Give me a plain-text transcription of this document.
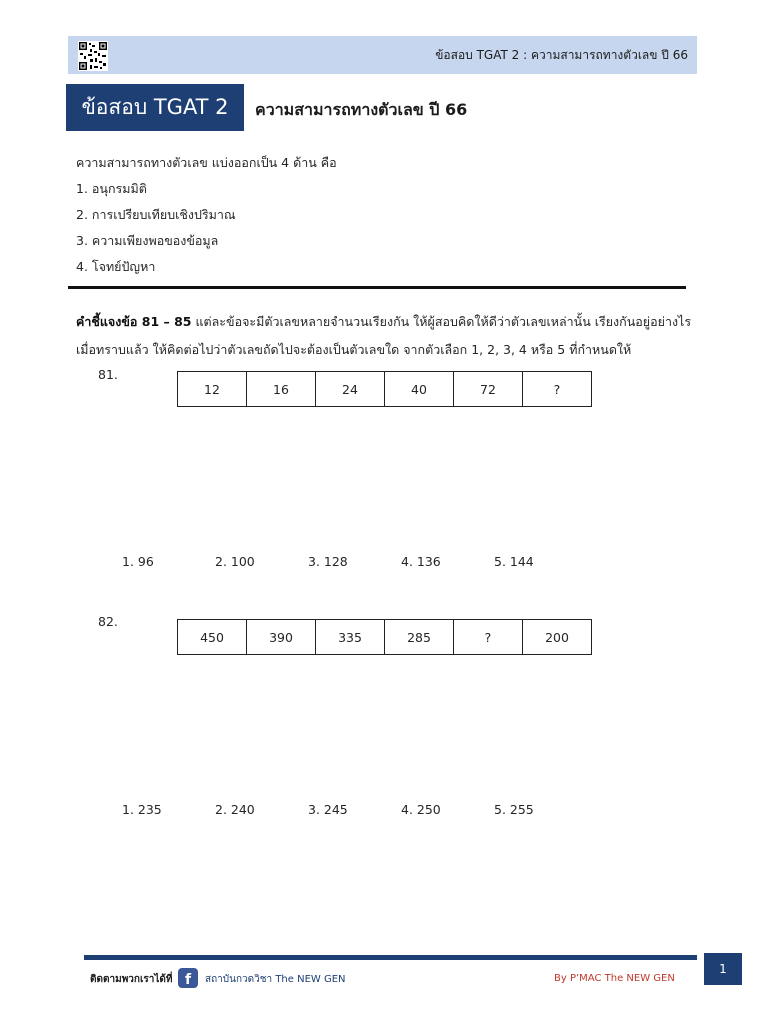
ข้อสอบ TGAT 2 : ความสามารถทางตัวเลข ปี 66
ข้อสอบ TGAT 2 ความสามารถทางตัวเลข ปี 66
ความสามารถทางตัวเลข แบ่งออกเป็น 4 ด้าน คือ
1. อนุกรมมิติ
2. การเปรียบเทียบเชิงปริมาณ
3. ความเพียงพอของข้อมูล
4. โจทย์ปัญหา
คำชี้แจงข้อ 81 – 85 แต่ละข้อจะมีตัวเลขหลายจำนวนเรียงกัน ให้ผู้สอบคิดให้ดีว่าตัวเลขเหล่านั้น เรียงกันอยู่อย่างไร เมื่อทราบแล้ว ให้คิดต่อไปว่าตัวเลขถัดไปจะต้องเป็นตัวเลขใด จากตัวเลือก 1, 2, 3, 4 หรือ 5 ที่กำหนดให้
81.
12	16	24	40	72	?
1. 96	2. 100	3. 128	4. 136	5. 144
82.
450	390	335	285	?	200
1. 235	2. 240	3. 245	4. 250	5. 255
1
ติดตามพวกเราได้ที่ f สถาบันกวดวิชา The NEW GEN	By P’MAC The NEW GEN
